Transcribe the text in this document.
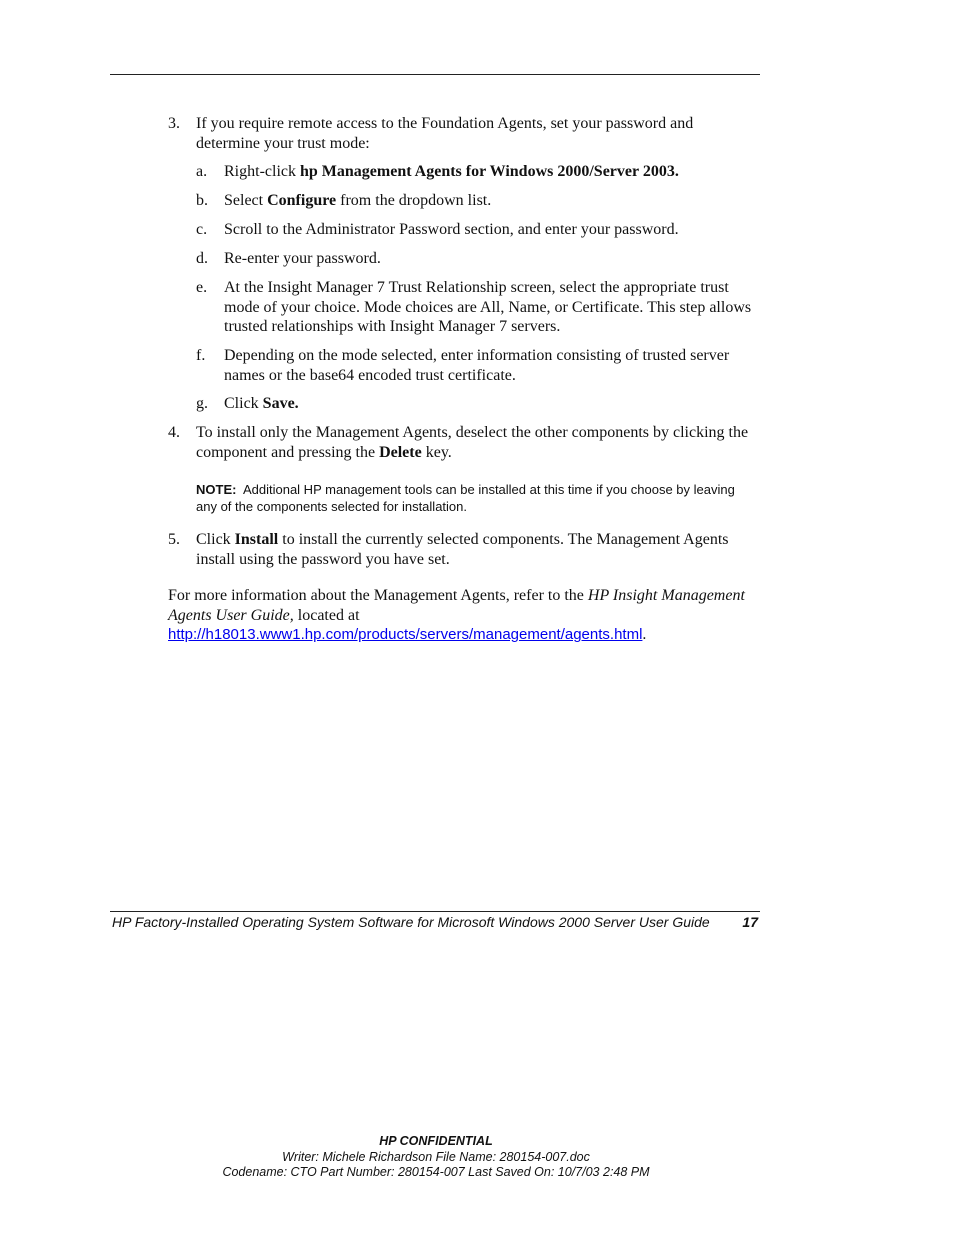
3. If you require remote access to the Foundation Agents, set your password and determine your trust mode:
a. Right-click hp Management Agents for Windows 2000/Server 2003.
b. Select Configure from the dropdown list.
c. Scroll to the Administrator Password section, and enter your password.
d. Re-enter your password.
e. At the Insight Manager 7 Trust Relationship screen, select the appropriate trust mode of your choice. Mode choices are All, Name, or Certificate. This step allows trusted relationships with Insight Manager 7 servers.
f. Depending on the mode selected, enter information consisting of trusted server names or the base64 encoded trust certificate.
g. Click Save.
4. To install only the Management Agents, deselect the other components by clicking the component and pressing the Delete key.
NOTE: Additional HP management tools can be installed at this time if you choose by leaving any of the components selected for installation.
5. Click Install to install the currently selected components. The Management Agents install using the password you have set.
For more information about the Management Agents, refer to the HP Insight Management Agents User Guide, located at
http://h18013.www1.hp.com/products/servers/management/agents.html.
HP Factory-Installed Operating System Software for Microsoft Windows 2000 Server User Guide 17
HP CONFIDENTIAL
Writer: Michele Richardson File Name: 280154-007.doc
Codename: CTO Part Number: 280154-007 Last Saved On: 10/7/03 2:48 PM
